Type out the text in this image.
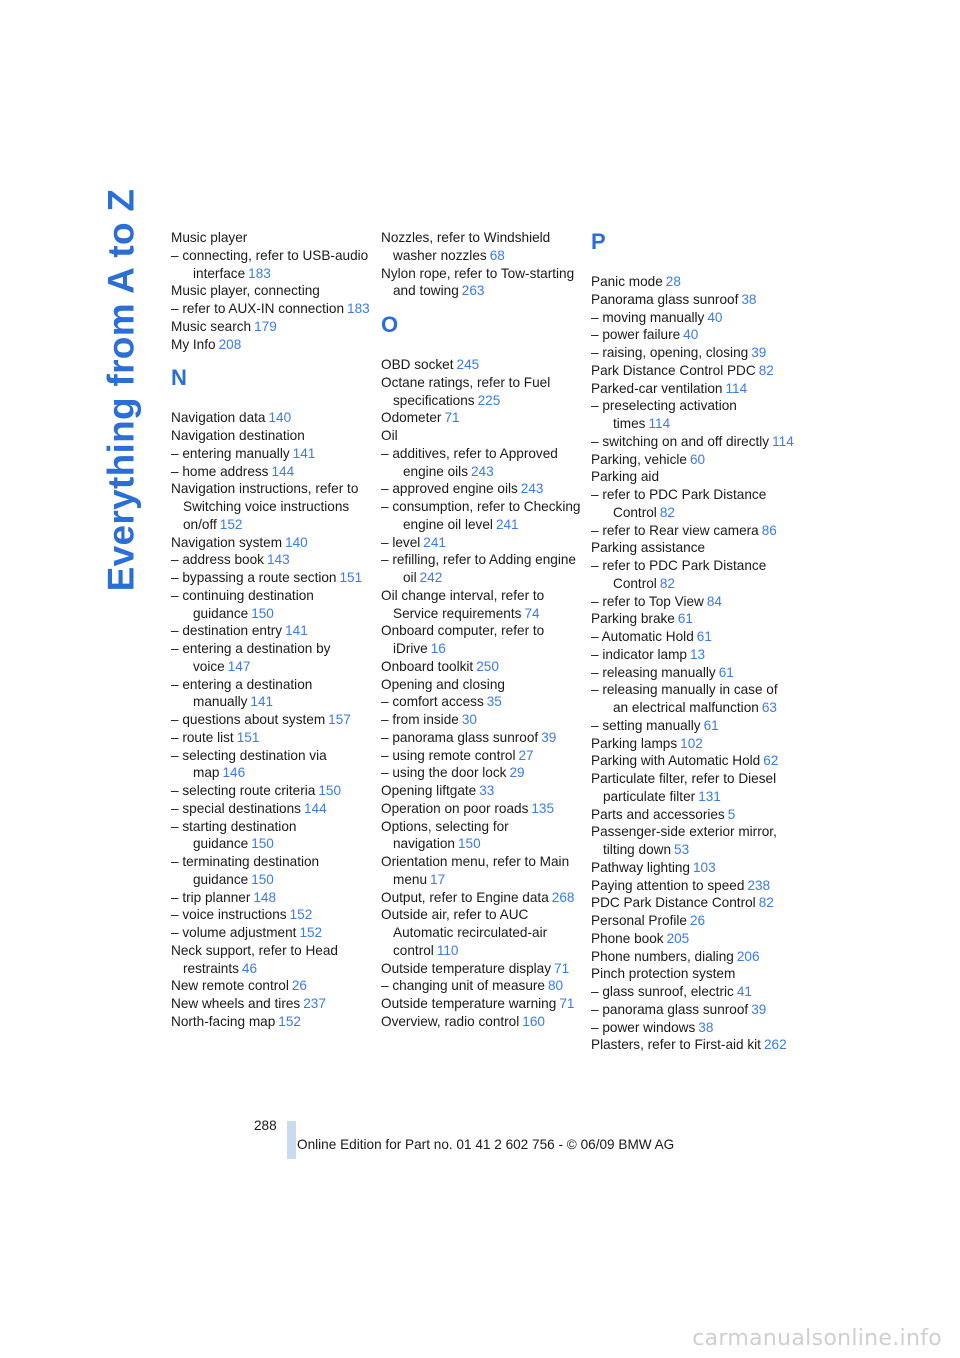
Everything from A to Z Music player
– connecting, refer to USB-audio interface 183
Music player, connecting
– refer to AUX-IN connection 183
Music search 179
My Info 208
N
Navigation data 140
Navigation destination
– entering manually 141
– home address 144
Navigation instructions, refer to Switching voice instructions on/off 152
Navigation system 140
– address book 143
– bypassing a route section 151
– continuing destination guidance 150
– destination entry 141
– entering a destination by voice 147
– entering a destination manually 141
– questions about system 157
– route list 151
– selecting destination via map 146
– selecting route criteria 150
– special destinations 144
– starting destination guidance 150
– terminating destination guidance 150
– trip planner 148
– voice instructions 152
– volume adjustment 152
Neck support, refer to Head restraints 46
New remote control 26
New wheels and tires 237
North-facing map 152
Nozzles, refer to Windshield washer nozzles 68
Nylon rope, refer to Tow-starting and towing 263
O
OBD socket 245
Octane ratings, refer to Fuel specifications 225
Odometer 71
Oil
– additives, refer to Approved engine oils 243
– approved engine oils 243
– consumption, refer to Checking engine oil level 241
– level 241
– refilling, refer to Adding engine oil 242
Oil change interval, refer to Service requirements 74
Onboard computer, refer to iDrive 16
Onboard toolkit 250
Opening and closing
– comfort access 35
– from inside 30
– panorama glass sunroof 39
– using remote control 27
– using the door lock 29
Opening liftgate 33
Operation on poor roads 135
Options, selecting for navigation 150
Orientation menu, refer to Main menu 17
Output, refer to Engine data 268
Outside air, refer to AUC Automatic recirculated-air control 110
Outside temperature display 71
– changing unit of measure 80
Outside temperature warning 71
Overview, radio control 160
P
Panic mode 28
Panorama glass sunroof 38
– moving manually 40
– power failure 40
– raising, opening, closing 39
Park Distance Control PDC 82
Parked-car ventilation 114
– preselecting activation times 114
– switching on and off directly 114
Parking, vehicle 60
Parking aid
– refer to PDC Park Distance Control 82
– refer to Rear view camera 86
Parking assistance
– refer to PDC Park Distance Control 82
– refer to Top View 84
Parking brake 61
– Automatic Hold 61
– indicator lamp 13
– releasing manually 61
– releasing manually in case of an electrical malfunction 63
– setting manually 61
Parking lamps 102
Parking with Automatic Hold 62
Particulate filter, refer to Diesel particulate filter 131
Parts and accessories 5
Passenger-side exterior mirror, tilting down 53
Pathway lighting 103
Paying attention to speed 238
PDC Park Distance Control 82
Personal Profile 26
Phone book 205
Phone numbers, dialing 206
Pinch protection system
– glass sunroof, electric 41
– panorama glass sunroof 39
– power windows 38
Plasters, refer to First-aid kit 262
288
Online Edition for Part no. 01 41 2 602 756 - © 06/09 BMW AG
carmanualsonline.info
